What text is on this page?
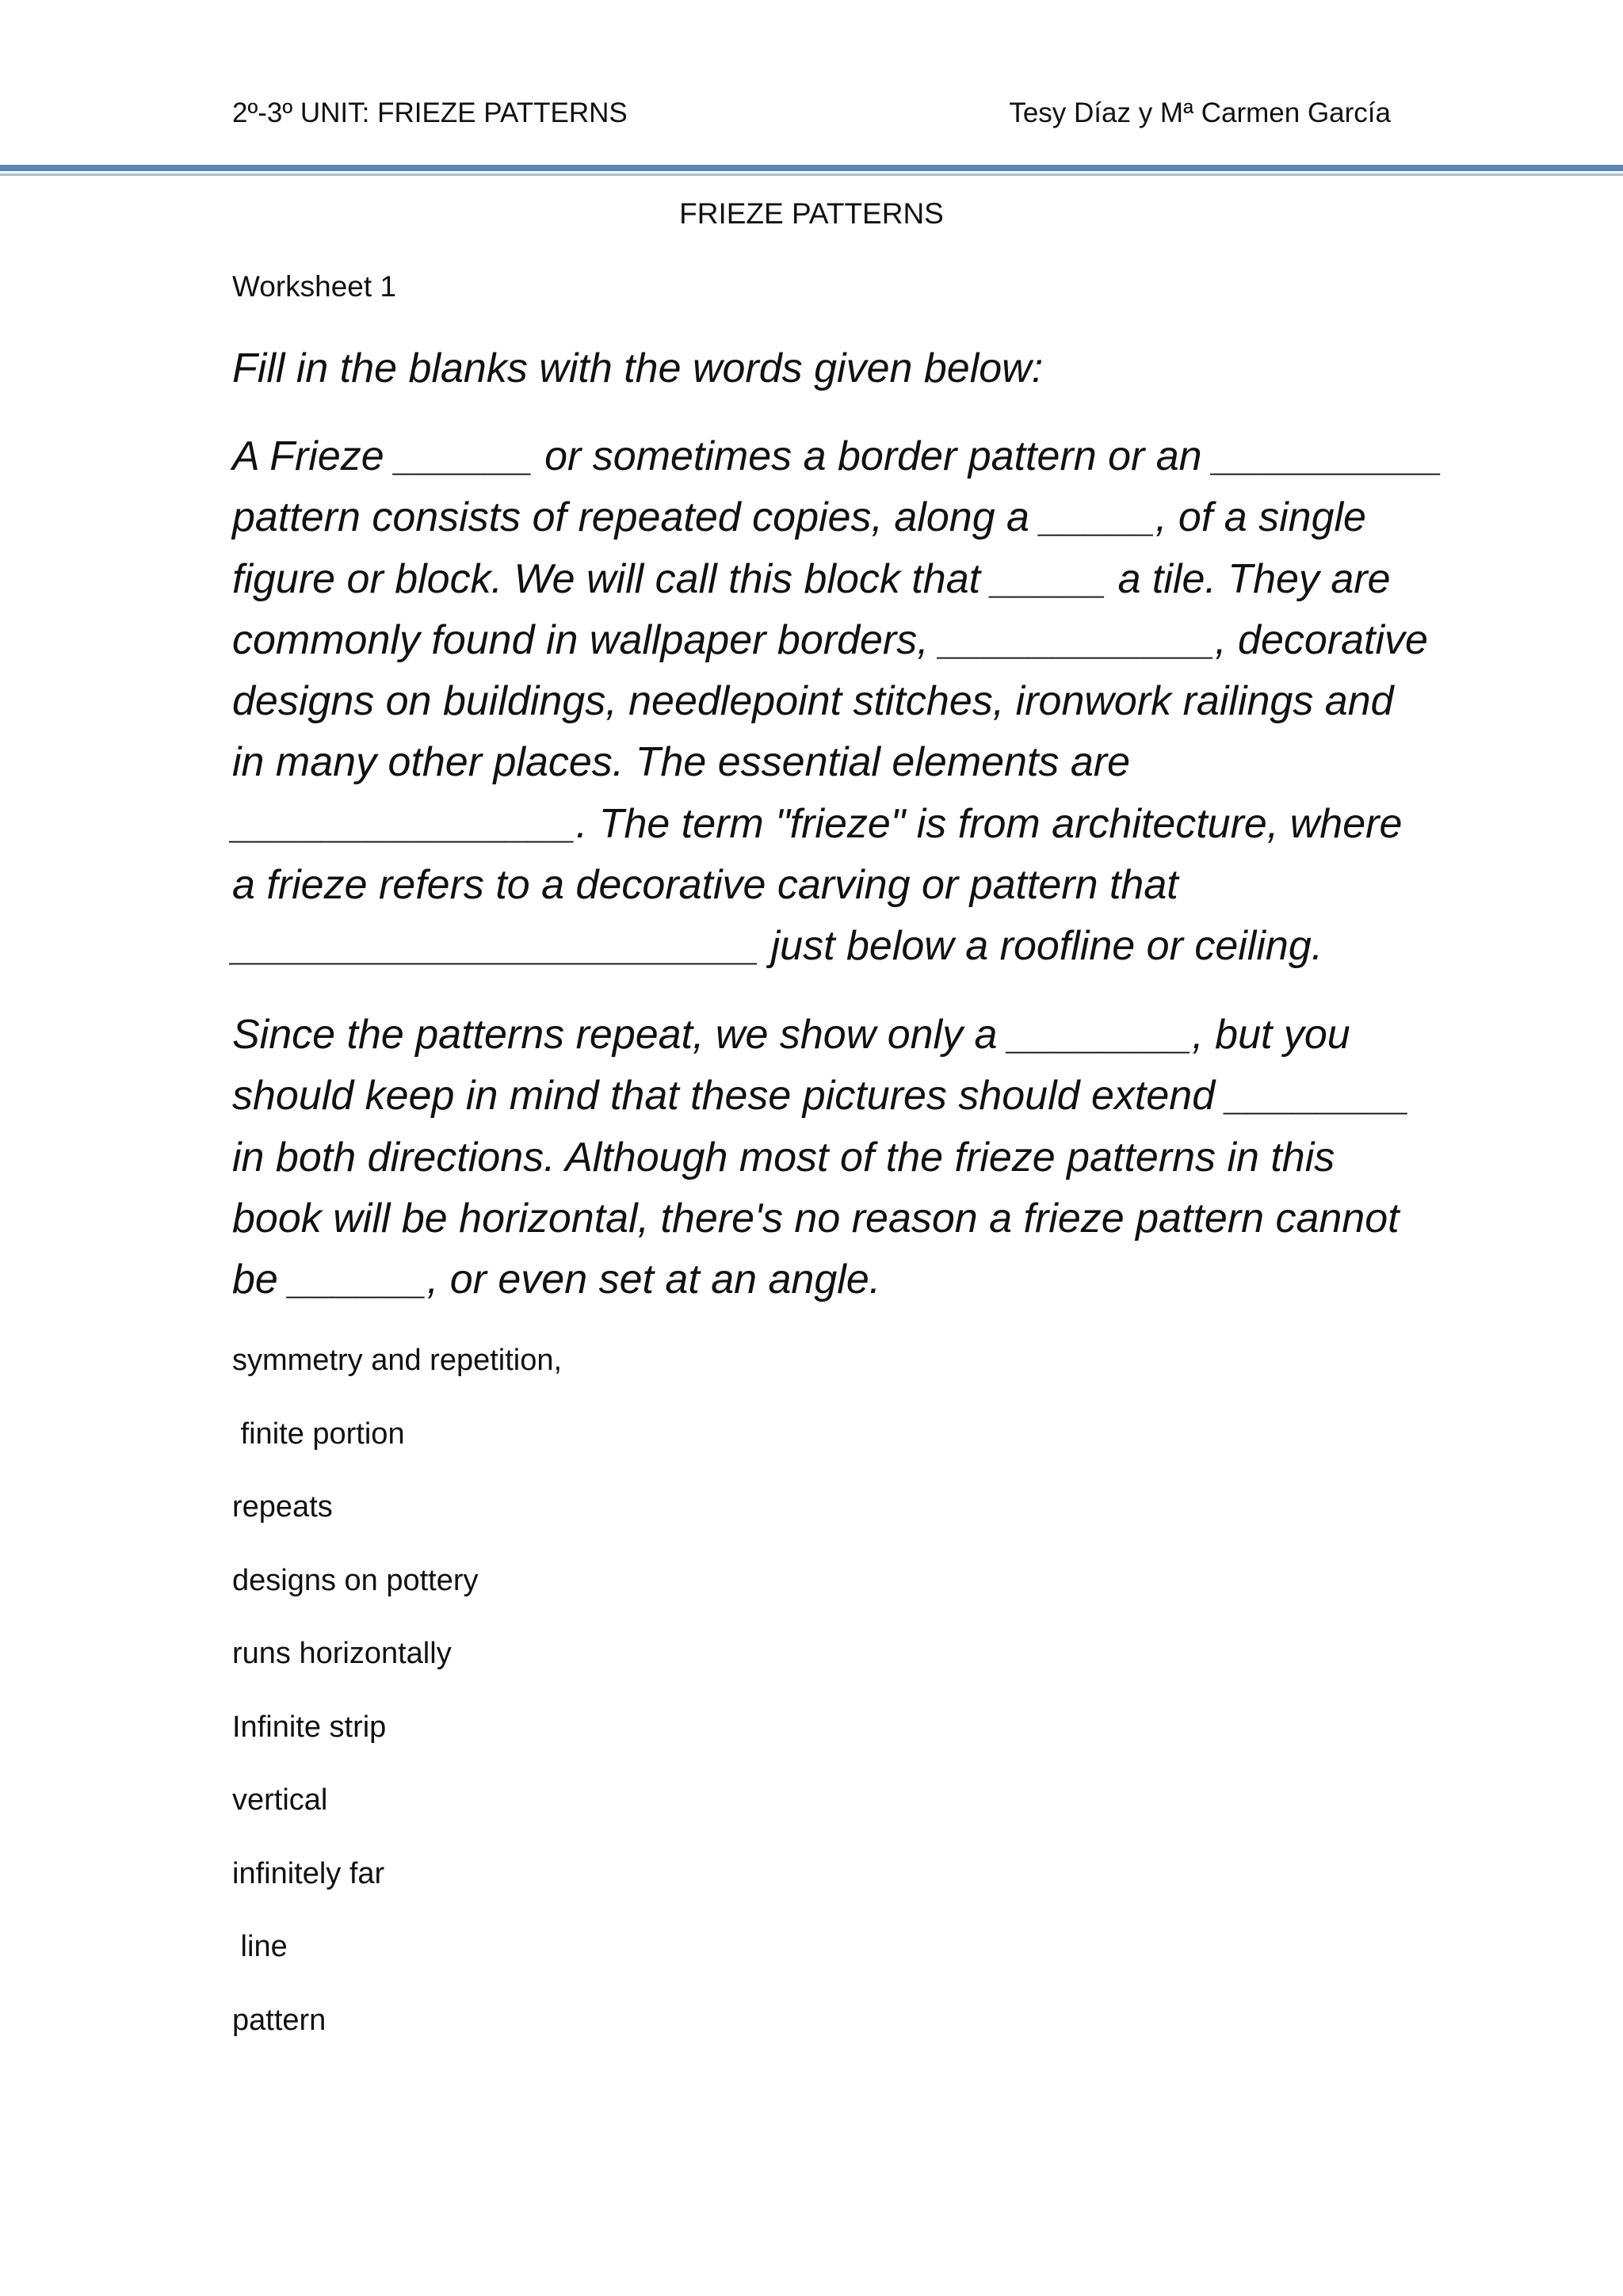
2º-3º UNIT: FRIEZE PATTERNS	Tesy Díaz y Mª Carmen García
FRIEZE PATTERNS
Worksheet 1
Fill in the blanks with the words given below:
A Frieze ______ or sometimes a border pattern or an __________
pattern consists of repeated copies, along a _____, of a single
figure or block. We will call this block that _____ a tile. They are
commonly found in wallpaper borders, ____________, decorative
designs on buildings, needlepoint stitches, ironwork railings and
in many other places. The essential elements are
_______________. The term "frieze" is from architecture, where
a frieze refers to a decorative carving or pattern that
_______________________ just below a roofline or ceiling.
Since the patterns repeat, we show only a ________, but you
should keep in mind that these pictures should extend ________
in both directions. Although most of the frieze patterns in this
book will be horizontal, there's no reason a frieze pattern cannot
be ______, or even set at an angle.
symmetry and repetition,
finite portion
repeats
designs on pottery
runs horizontally
Infinite strip
vertical
infinitely far
line
pattern
